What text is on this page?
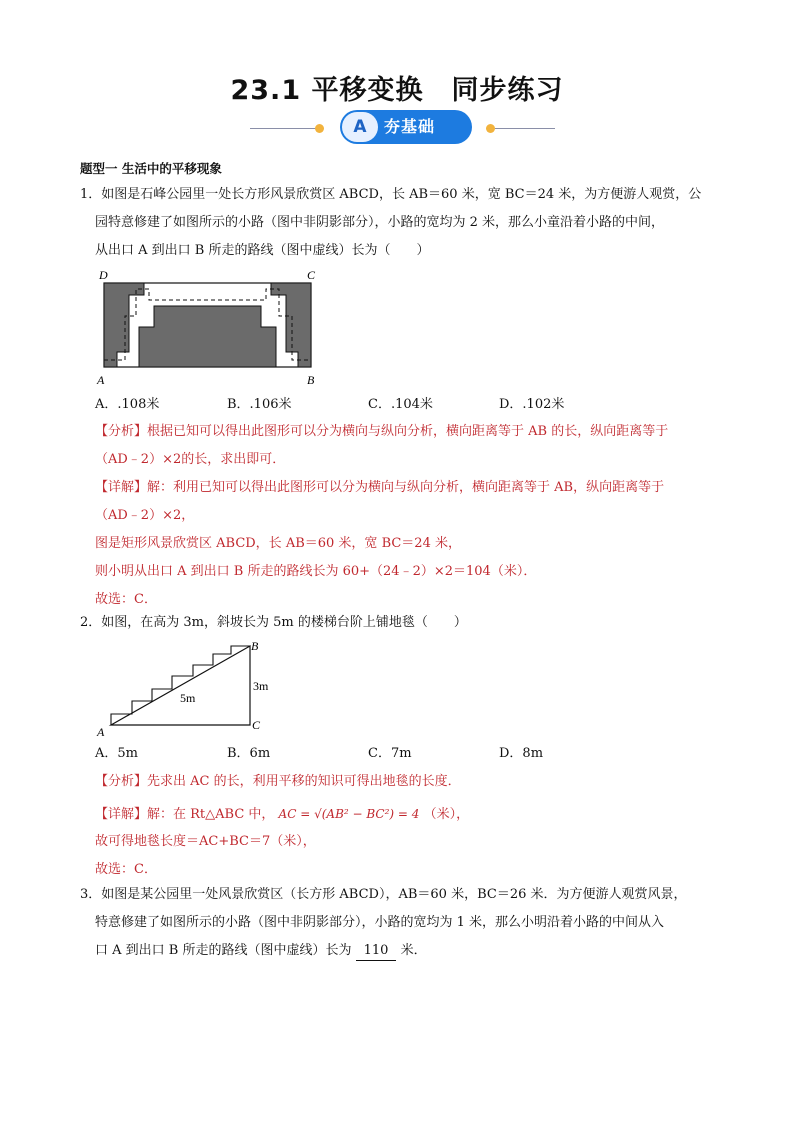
23.1 平移变换　同步练习
A	夯基础
题型一 生活中的平移现象
1．如图是石峰公园里一处长方形风景欣赏区 ABCD，长 AB＝60 米，宽 BC＝24 米，为方便游人观赏，公
园特意修建了如图所示的小路（图中非阴影部分），小路的宽均为 2 米，那么小童沿着小路的中间，
从出口 A 到出口 B 所走的路线（图中虚线）长为（　　）
D	C
A	B
A．.108米	B．.106米	C．.104米	D．.102米
【分析】根据已知可以得出此图形可以分为横向与纵向分析，横向距离等于 AB 的长，纵向距离等于
（AD﹣2）×2的长，求出即可．
【详解】解：利用已知可以得出此图形可以分为横向与纵向分析，横向距离等于 AB，纵向距离等于
（AD﹣2）×2，
图是矩形风景欣赏区 ABCD，长 AB＝60 米，宽 BC＝24 米，
则小明从出口 A 到出口 B 所走的路线长为 60+（24﹣2）×2＝104（米）．
故选：C．
2．如图，在高为 3m，斜坡长为 5m 的楼梯台阶上铺地毯（　　）
B
3m
5m
C
A
A．5m	B．6m	C．7m	D．8m
【分析】先求出 AC 的长，利用平移的知识可得出地毯的长度．
【详解】解：在 Rt△ABC 中， AC = √(AB² − BC²) = 4 （米），
故可得地毯长度＝AC+BC＝7（米），
故选：C．
3．如图是某公园里一处风景欣赏区（长方形 ABCD），AB＝60 米，BC＝26 米．为方便游人观赏风景，
特意修建了如图所示的小路（图中非阴影部分），小路的宽均为 1 米，那么小明沿着小路的中间从入
口 A 到出口 B 所走的路线（图中虚线）长为 110 米．
